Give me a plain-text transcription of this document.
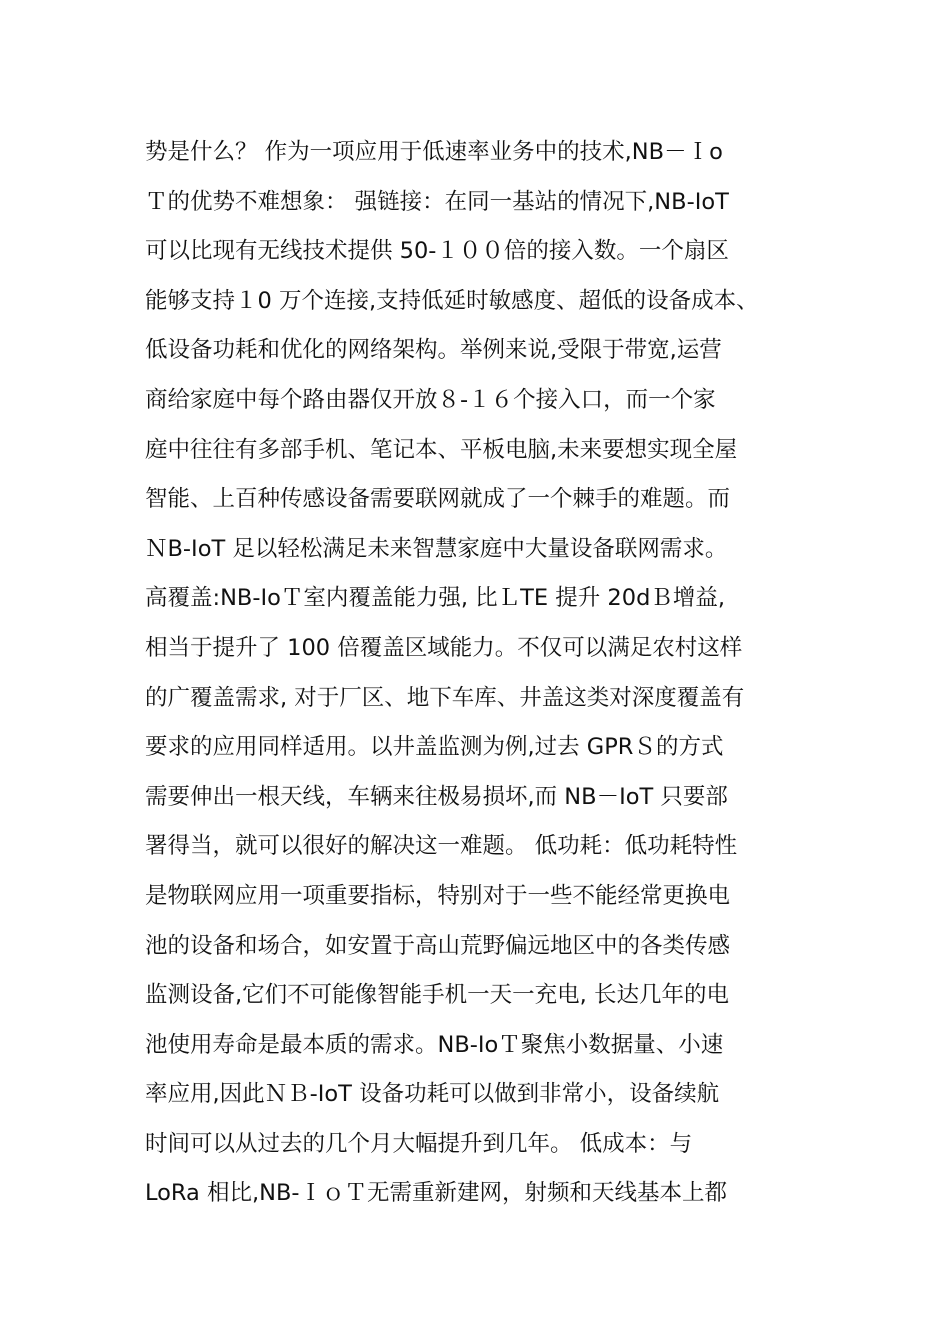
势是什么？ 作为一项应用于低速率业务中的技术,NB－Ｉo
Ｔ的优势不难想象： 强链接：在同一基站的情况下,NB-IoT
可以比现有无线技术提供 50-１００倍的接入数。一个扇区
能够支持１0 万个连接,支持低延时敏感度、超低的设备成本、
低设备功耗和优化的网络架构。举例来说,受限于带宽,运营
商给家庭中每个路由器仅开放８-１６个接入口，而一个家
庭中往往有多部手机、笔记本、平板电脑,未来要想实现全屋
智能、上百种传感设备需要联网就成了一个棘手的难题。而
ＮB-IoT 足以轻松满足未来智慧家庭中大量设备联网需求。
高覆盖:NB-IoＴ室内覆盖能力强, 比ＬTE 提升 20dＢ增益,
相当于提升了 100 倍覆盖区域能力。不仅可以满足农村这样
的广覆盖需求, 对于厂区、地下车库、井盖这类对深度覆盖有
要求的应用同样适用。以井盖监测为例,过去 GPRＳ的方式
需要伸出一根天线，车辆来往极易损坏,而 NB－IoT 只要部
署得当，就可以很好的解决这一难题。 低功耗：低功耗特性
是物联网应用一项重要指标，特别对于一些不能经常更换电
池的设备和场合，如安置于高山荒野偏远地区中的各类传感
监测设备,它们不可能像智能手机一天一充电, 长达几年的电
池使用寿命是最本质的需求。NB-IoＴ聚焦小数据量、小速
率应用,因此ＮＢ-IoT 设备功耗可以做到非常小，设备续航
时间可以从过去的几个月大幅提升到几年。 低成本：与
LoRa 相比,NB-ＩｏＴ无需重新建网，射频和天线基本上都
